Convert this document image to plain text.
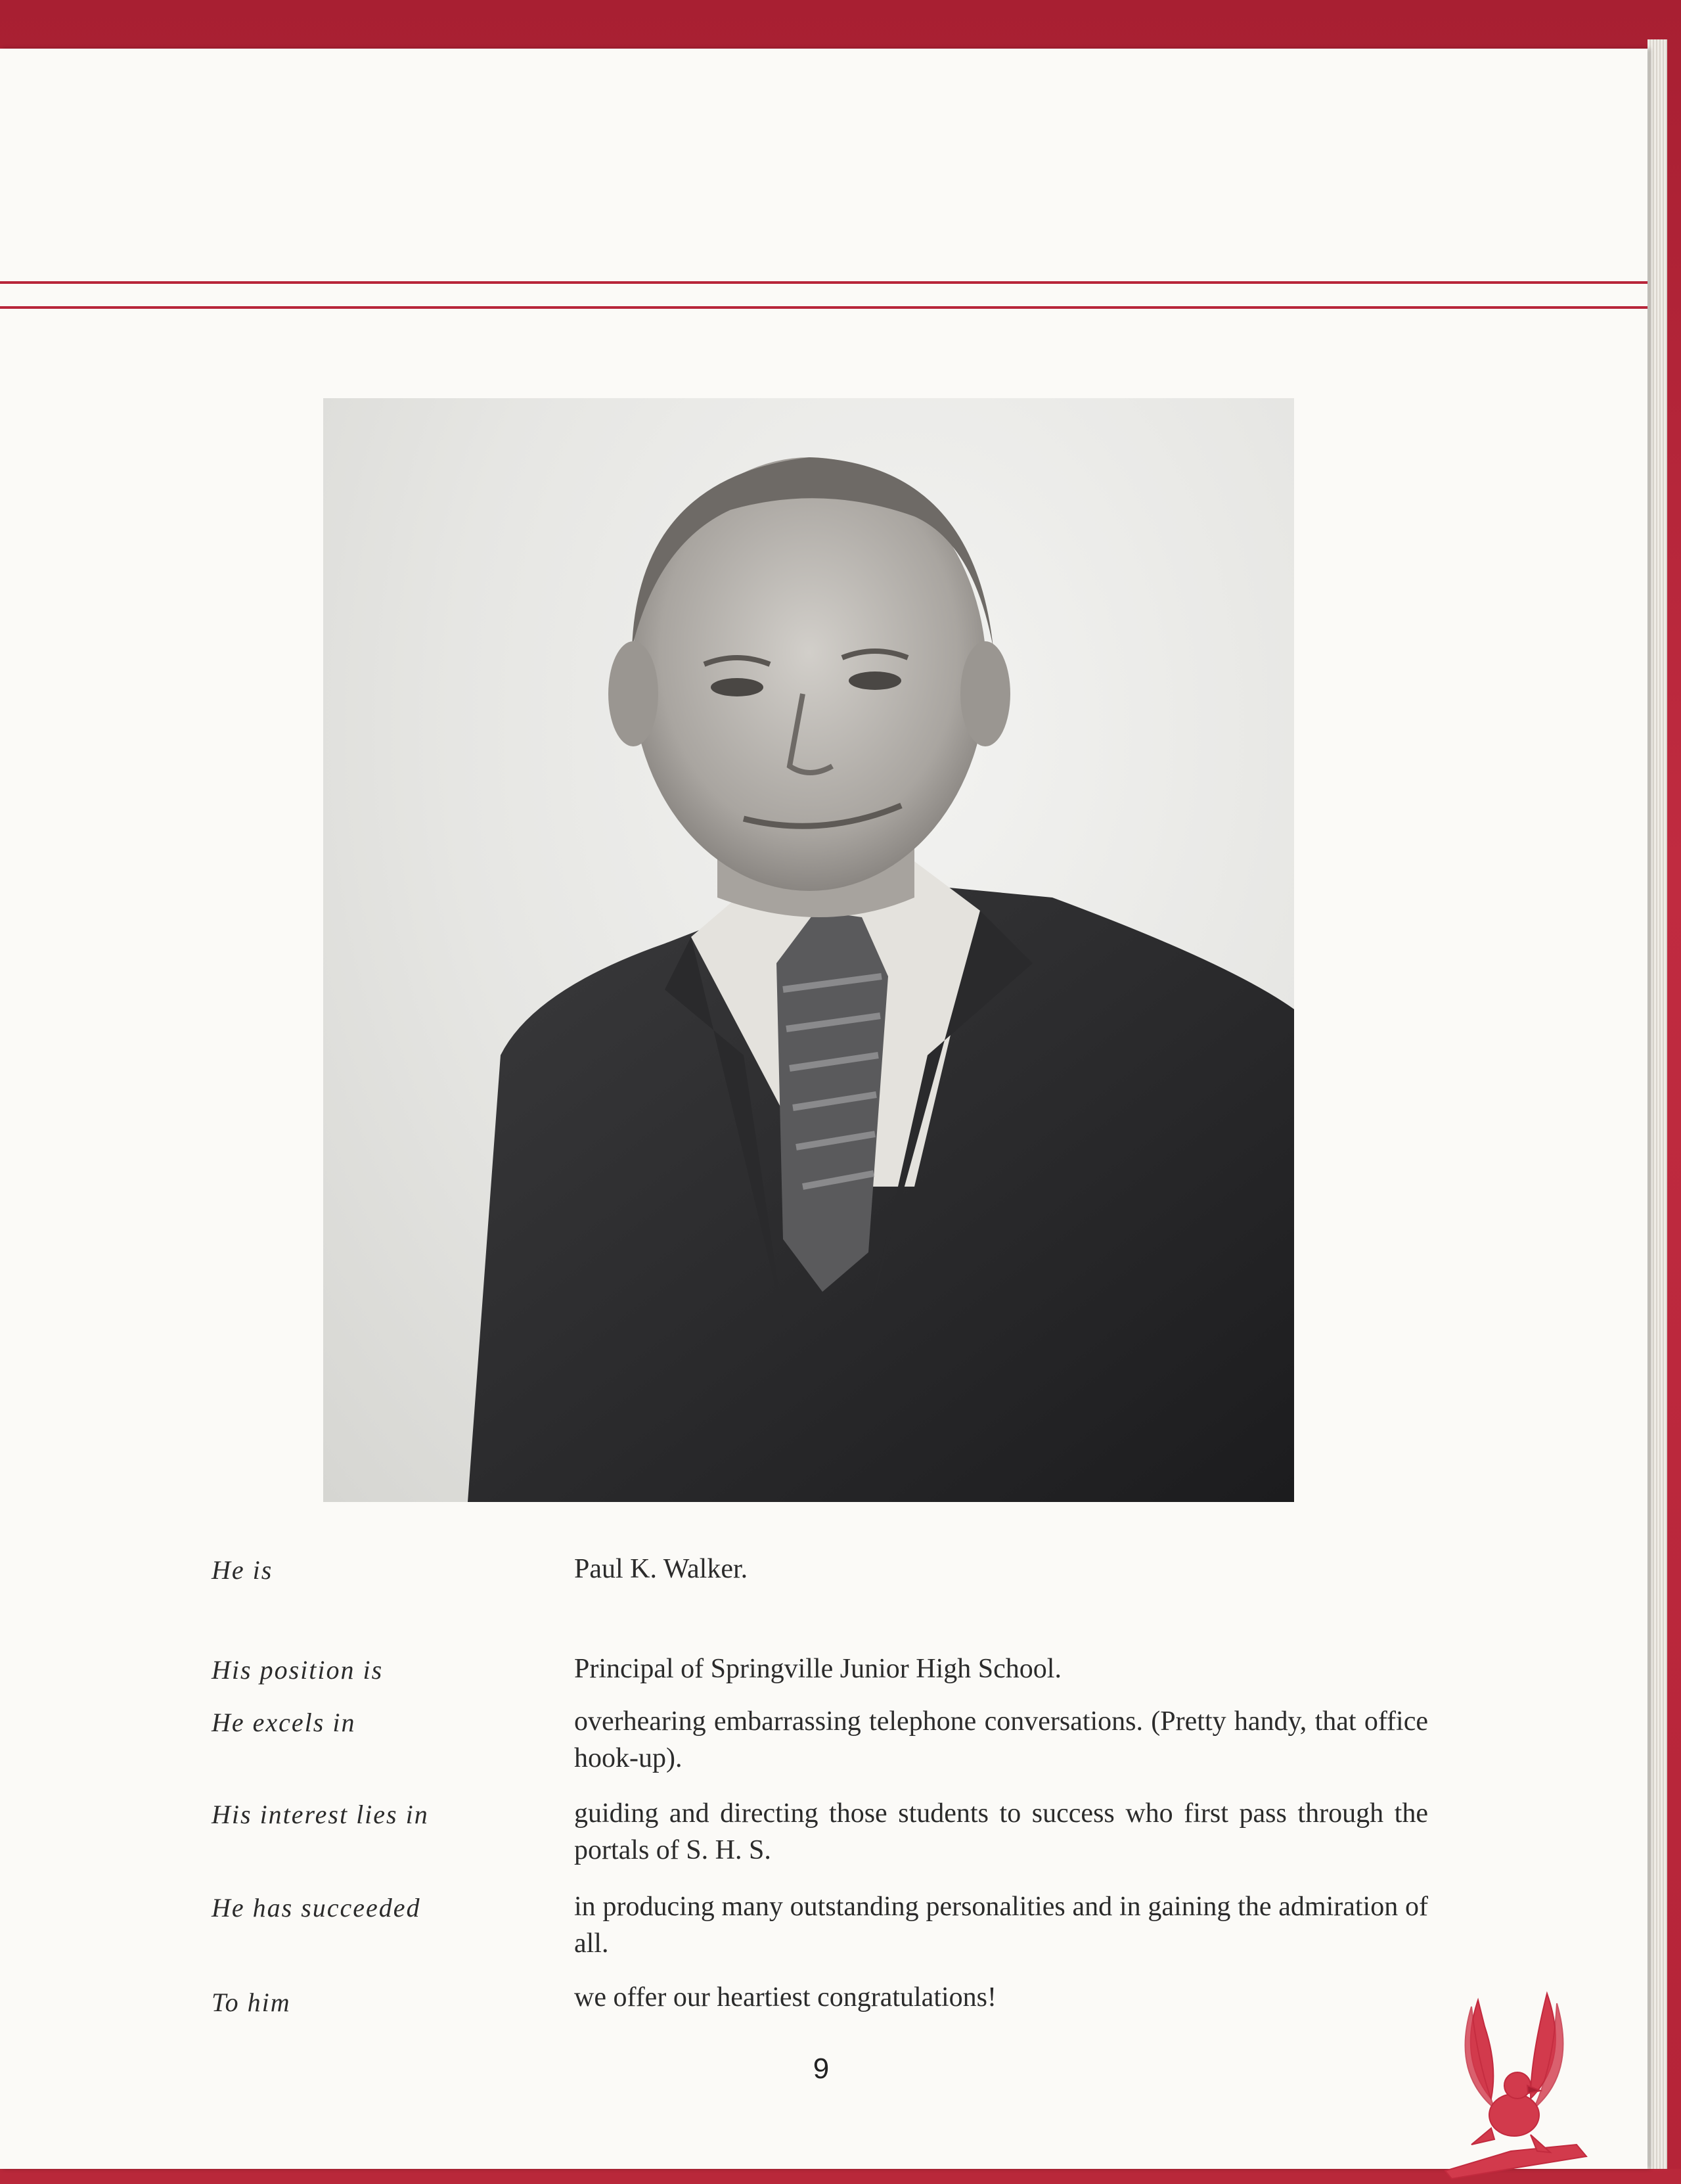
He is	Paul K. Walker.
His position is	Principal of Springville Junior High School.
He excels in	overhearing embarrassing telephone conversations. (Pretty handy, that office hook-up).
His interest lies in	guiding and directing those students to success who first pass through the portals of S. H. S.
He has succeeded	in producing many outstanding personalities and in gaining the admiration of all.
To him	we offer our heartiest congratulations!
9
